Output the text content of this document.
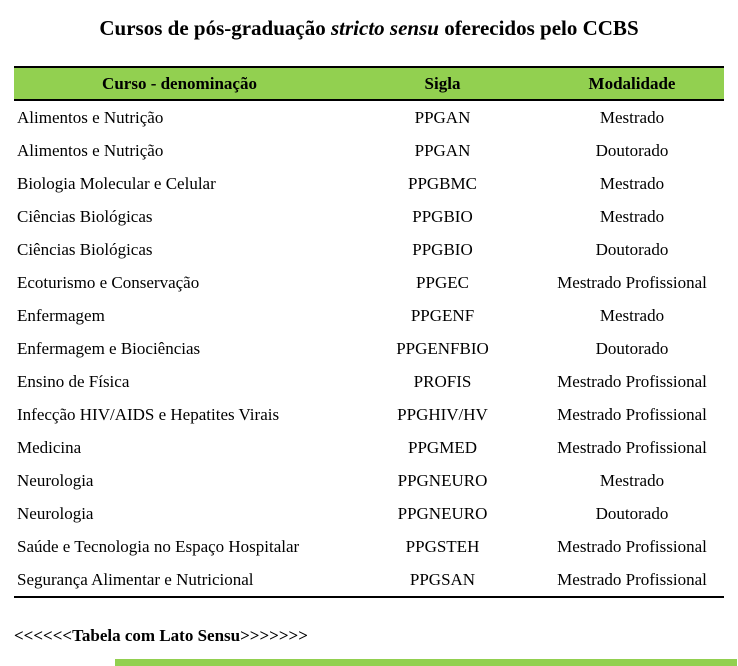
Cursos de pós-graduação stricto sensu oferecidos pelo CCBS
Curso - denominação	Sigla	Modalidade
Alimentos e Nutrição	PPGAN	Mestrado
Alimentos e Nutrição	PPGAN	Doutorado
Biologia Molecular e Celular	PPGBMC	Mestrado
Ciências Biológicas	PPGBIO	Mestrado
Ciências Biológicas	PPGBIO	Doutorado
Ecoturismo e Conservação	PPGEC	Mestrado Profissional
Enfermagem	PPGENF	Mestrado
Enfermagem e Biociências	PPGENFBIO	Doutorado
Ensino de Física	PROFIS	Mestrado Profissional
Infecção HIV/AIDS e Hepatites Virais	PPGHIV/HV	Mestrado Profissional
Medicina	PPGMED	Mestrado Profissional
Neurologia	PPGNEURO	Mestrado
Neurologia	PPGNEURO	Doutorado
Saúde e Tecnologia no Espaço Hospitalar	PPGSTEH	Mestrado Profissional
Segurança Alimentar e Nutricional	PPGSAN	Mestrado Profissional
<<<<<<Tabela com Lato Sensu>>>>>>>
